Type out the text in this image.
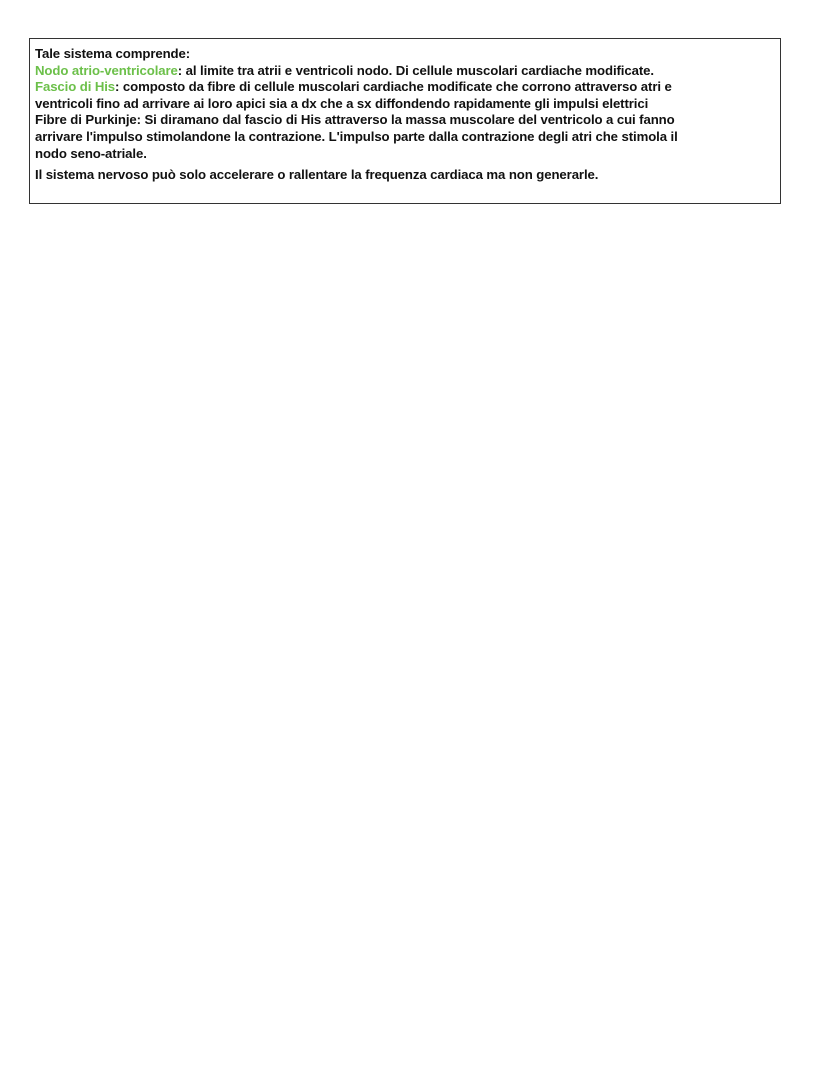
Tale sistema comprende:
Nodo atrio-ventricolare: al limite tra atrii e ventricoli nodo. Di cellule muscolari cardiache modificate.
Fascio di His: composto da fibre di cellule muscolari cardiache modificate che corrono attraverso atri e
ventricoli fino ad arrivare ai loro apici sia a dx che a sx diffondendo rapidamente gli impulsi elettrici
Fibre di Purkinje: Si diramano dal fascio di His attraverso la massa muscolare del ventricolo a cui fanno
arrivare l'impulso stimolandone la contrazione. L'impulso parte dalla contrazione degli atri che stimola il
nodo seno-atriale.
Il sistema nervoso può solo accelerare o rallentare la frequenza cardiaca ma non generarle.
